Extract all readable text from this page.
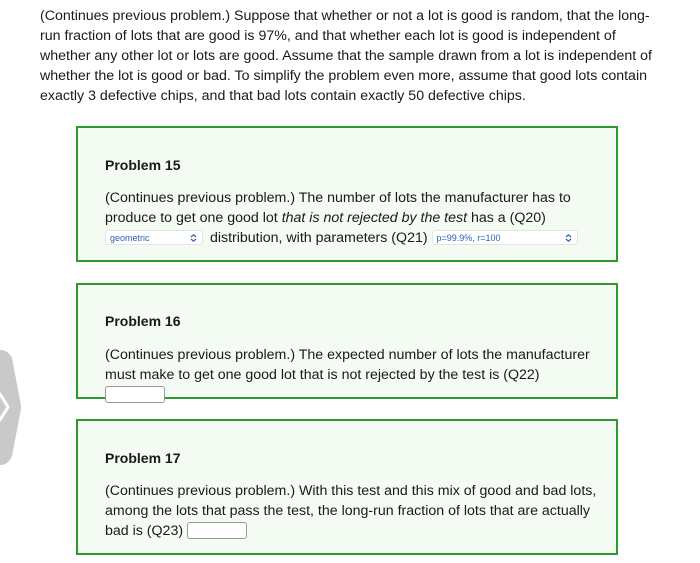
(Continues previous problem.) Suppose that whether or not a lot is good is random, that the long-run fraction of lots that are good is 97%, and that whether each lot is good is independent of whether any other lot or lots are good. Assume that the sample drawn from a lot is independent of whether the lot is good or bad. To simplify the problem even more, assume that good lots contain exactly 3 defective chips, and that bad lots contain exactly 50 defective chips.

Problem 15

(Continues previous problem.) The number of lots the manufacturer has to produce to get one good lot that is not rejected by the test has a (Q20)
geometric	distribution, with parameters (Q21) p=99.9%, r=100

Problem 16

(Continues previous problem.) The expected number of lots the manufacturer must make to get one good lot that is not rejected by the test is (Q22)

Problem 17

(Continues previous problem.) With this test and this mix of good and bad lots, among the lots that pass the test, the long-run fraction of lots that are actually bad is (Q23)
